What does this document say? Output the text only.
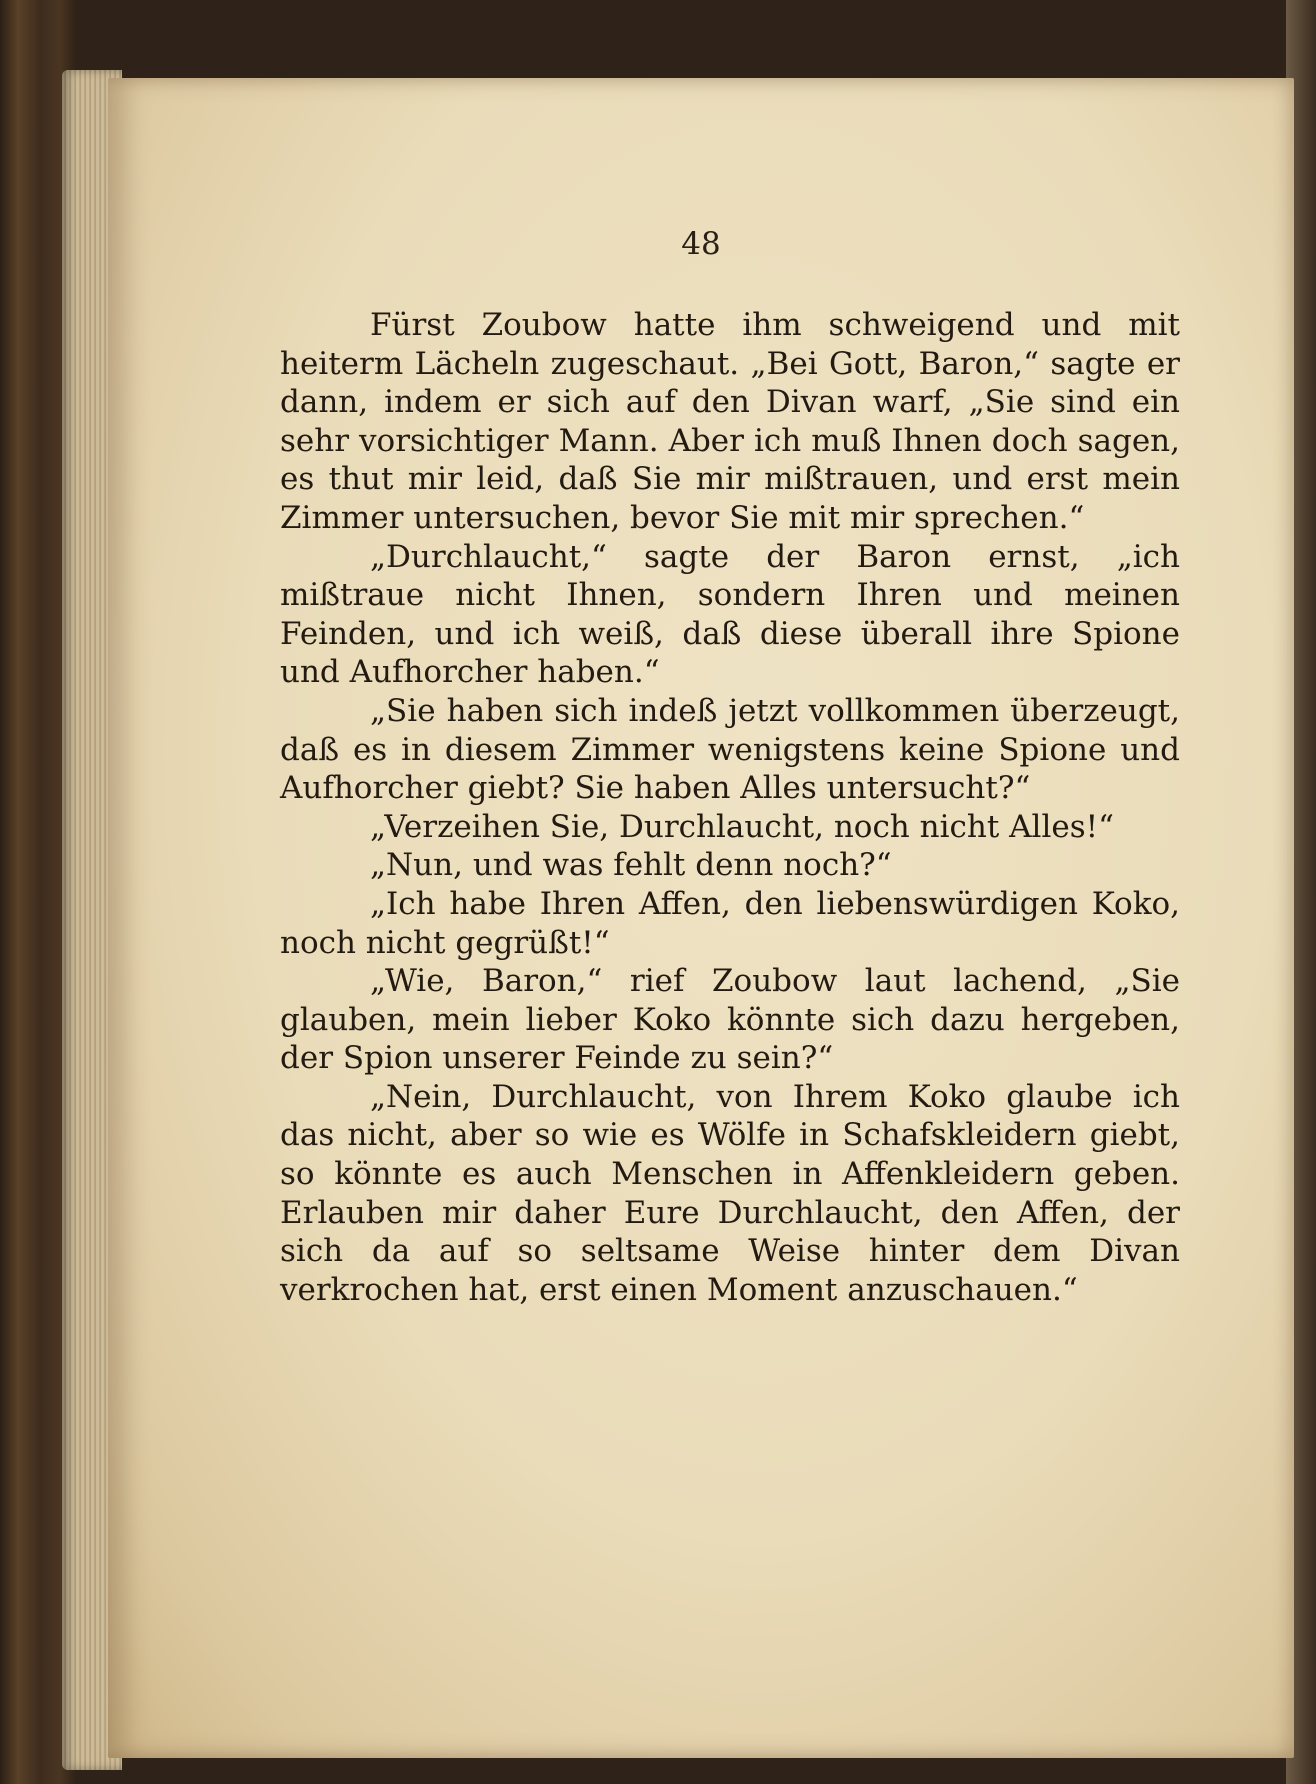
48

Fürst Zoubow hatte ihm schweigend und mit heiterm Lächeln zugeschaut. „Bei Gott, Baron,“ sagte er dann, indem er sich auf den Divan warf, „Sie sind ein sehr vorsichtiger Mann. Aber ich muß Ihnen doch sagen, es thut mir leid, daß Sie mir mißtrauen, und erst mein Zimmer untersuchen, bevor Sie mit mir sprechen.“

„Durchlaucht,“ sagte der Baron ernst, „ich mißtraue nicht Ihnen, sondern Ihren und meinen Feinden, und ich weiß, daß diese überall ihre Spione und Aufhorcher haben.“

„Sie haben sich indeß jetzt vollkommen überzeugt, daß es in diesem Zimmer wenigstens keine Spione und Aufhorcher giebt? Sie haben Alles untersucht?“

„Verzeihen Sie, Durchlaucht, noch nicht Alles!“

„Nun, und was fehlt denn noch?“

„Ich habe Ihren Affen, den liebenswürdigen Koko, noch nicht gegrüßt!“

„Wie, Baron,“ rief Zoubow laut lachend, „Sie glauben, mein lieber Koko könnte sich dazu hergeben, der Spion unserer Feinde zu sein?“

„Nein, Durchlaucht, von Ihrem Koko glaube ich das nicht, aber so wie es Wölfe in Schafskleidern giebt, so könnte es auch Menschen in Affenkleidern geben. Erlauben mir daher Eure Durchlaucht, den Affen, der sich da auf so seltsame Weise hinter dem Divan verkrochen hat, erst einen Moment anzuschauen.“
